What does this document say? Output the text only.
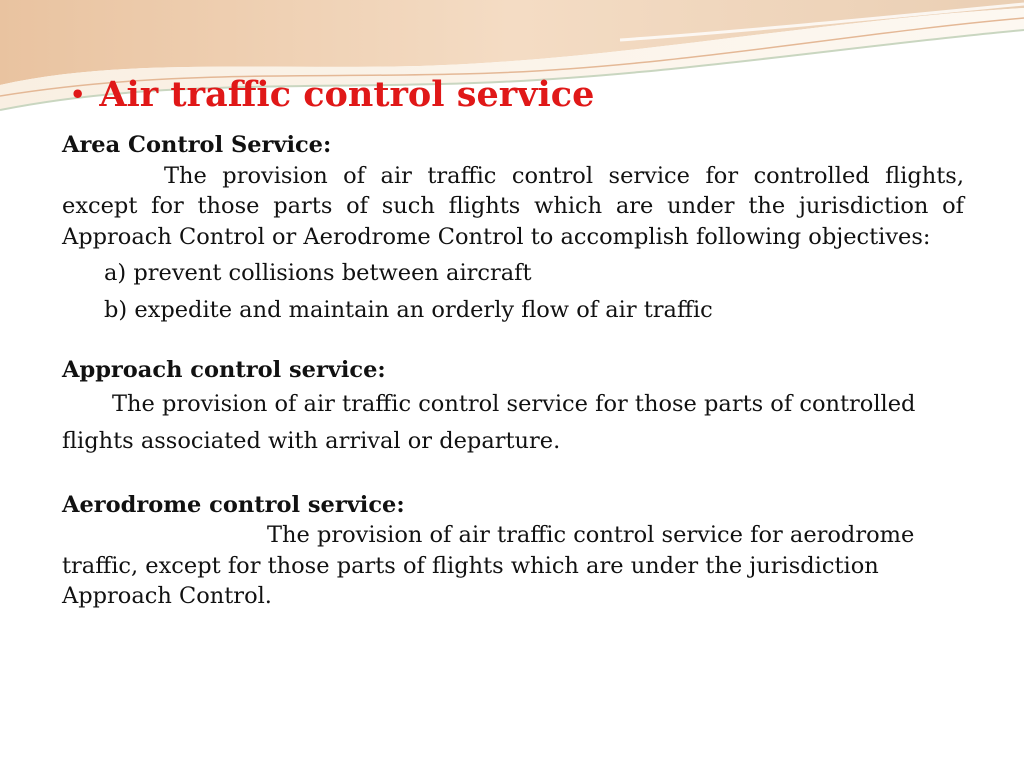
• Air traffic control service
Area Control Service:
The provision of air traffic control service for controlled flights, except for those parts of such flights which are under the jurisdiction of Approach Control or Aerodrome Control to accomplish following objectives:
a) prevent collisions between aircraft
b) expedite and maintain an orderly flow of air traffic
Approach control service:
The provision of air traffic control service for those parts of controlled flights associated with arrival or departure.
Aerodrome control service:
The provision of air traffic control service for aerodrome traffic, except for those parts of flights which are under the jurisdiction Approach Control.
